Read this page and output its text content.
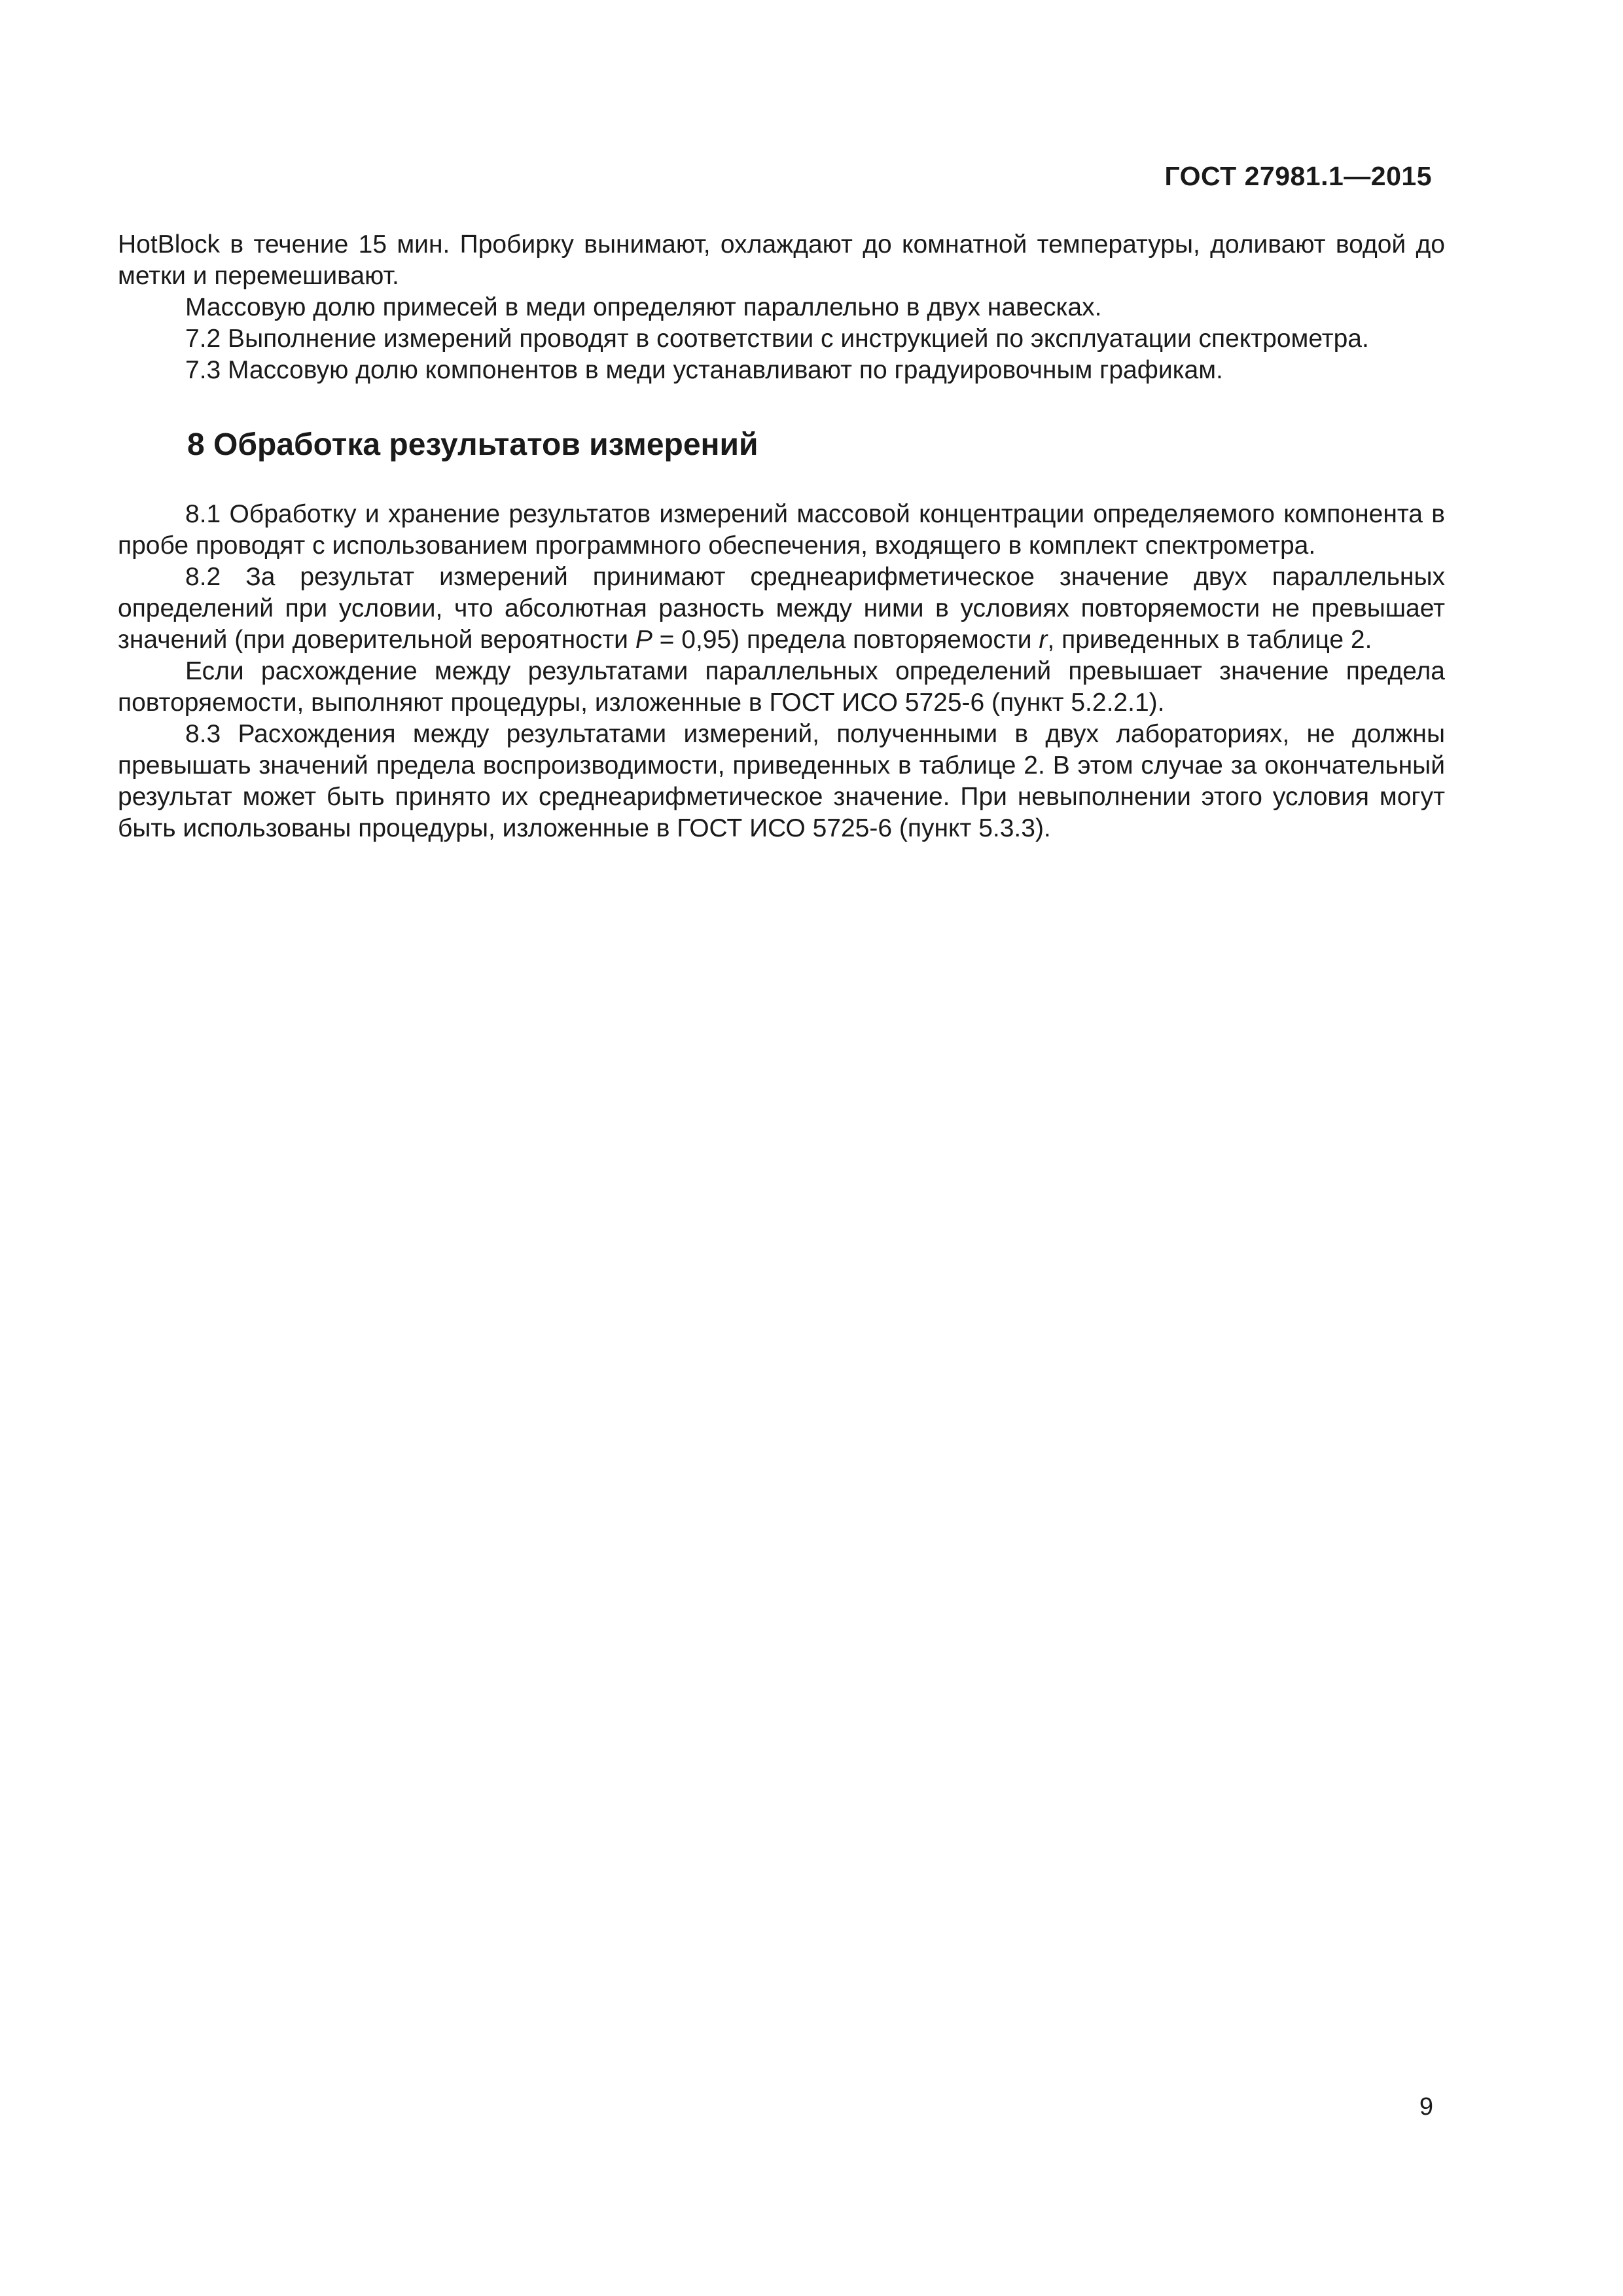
ГОСТ 27981.1—2015

HotBlock в течение 15 мин. Пробирку вынимают, охлаждают до комнатной температуры, доливают водой до метки и перемешивают.

Массовую долю примесей в меди определяют параллельно в двух навесках.

7.2 Выполнение измерений проводят в соответствии с инструкцией по эксплуатации спектрометра.

7.3 Массовую долю компонентов в меди устанавливают по градуировочным графикам.

8 Обработка результатов измерений

8.1 Обработку и хранение результатов измерений массовой концентрации определяемого компонента в пробе проводят с использованием программного обеспечения, входящего в комплект спектрометра.

8.2 За результат измерений принимают среднеарифметическое значение двух параллельных определений при условии, что абсолютная разность между ними в условиях повторяемости не превышает значений (при доверительной вероятности P = 0,95) предела повторяемости r, приведенных в таблице 2.

Если расхождение между результатами параллельных определений превышает значение предела повторяемости, выполняют процедуры, изложенные в ГОСТ ИСО 5725-6 (пункт 5.2.2.1).

8.3 Расхождения между результатами измерений, полученными в двух лабораториях, не должны превышать значений предела воспроизводимости, приведенных в таблице 2. В этом случае за окончательный результат может быть принято их среднеарифметическое значение. При невыполнении этого условия могут быть использованы процедуры, изложенные в ГОСТ ИСО 5725-6 (пункт 5.3.3).

9
